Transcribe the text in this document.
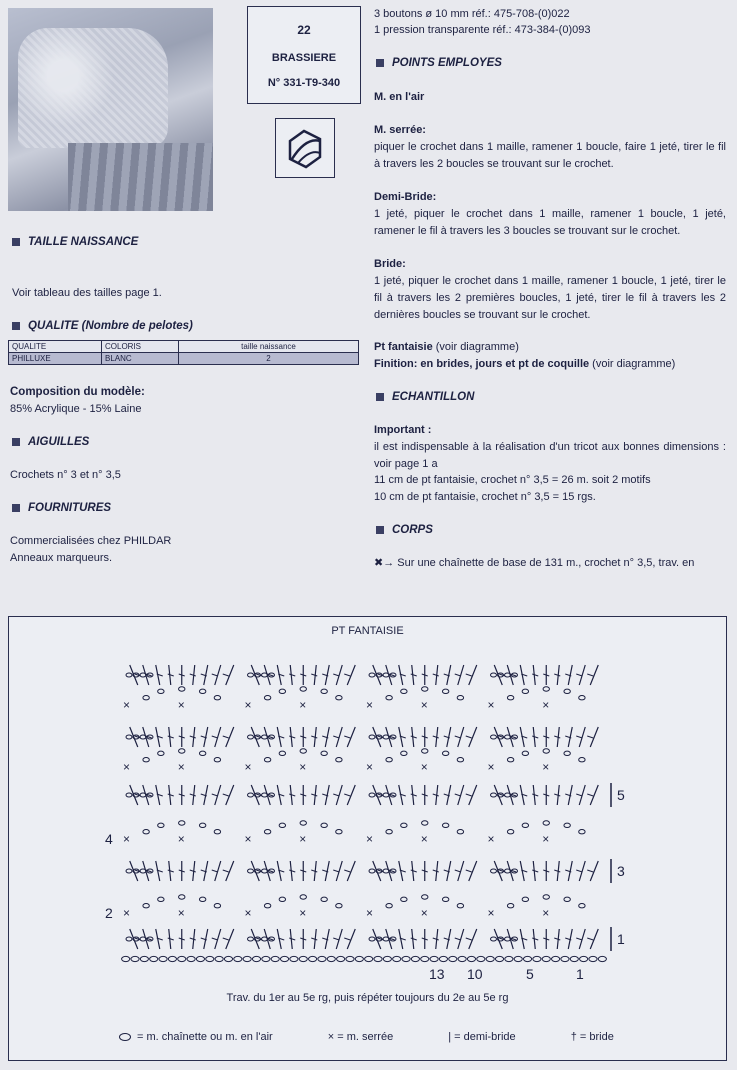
22
BRASSIERE
N° 331-T9-340
TAILLE NAISSANCE
Voir tableau des tailles page 1.
QUALITE (Nombre de pelotes)
QUALITE	COLORIS	taille naissance
PHILLUXE	BLANC	2
Composition du modèle:
85% Acrylique - 15% Laine
AIGUILLES
Crochets n° 3 et n° 3,5
FOURNITURES
Commercialisées chez PHILDAR
Anneaux marqueurs.
3 boutons ø 10 mm réf.: 475-708-(0)022
1 pression transparente réf.: 473-384-(0)093
POINTS EMPLOYES
M. en l'air
M. serrée:
piquer le crochet dans 1 maille, ramener 1 boucle, faire 1 jeté, tirer le fil à travers les 2 boucles se trouvant sur le crochet.
Demi-Bride:
1 jeté, piquer le crochet dans 1 maille, ramener 1 boucle, 1 jeté, ramener le fil à travers les 3 boucles se trouvant sur le crochet.
Bride:
1 jeté, piquer le crochet dans 1 maille, ramener 1 boucle, 1 jeté, tirer le fil à travers les 2 premières boucles, 1 jeté, tirer le fil à travers les 2 dernières boucles se trouvant sur le crochet.
Pt fantaisie (voir diagramme)
Finition: en brides, jours et pt de coquille (voir diagramme)
ECHANTILLON
Important :
il est indispensable à la réalisation d'un tricot aux bonnes dimensions : voir page 1 a
11 cm de pt fantaisie, crochet n° 3,5 = 26 m. soit 2 motifs
10 cm de pt fantaisie, crochet n° 3,5 = 15 rgs.
CORPS
✖→ Sur une chaînette de base de 131 m., crochet n° 3,5, trav. en
PT FANTAISIE
×
×	×
×	×
×	×
×
×
×	×
×	×
×	×
×
×
×	×
×	×
×	×
×
×
×	×
×	×
×	×
×
1
3
5
2
4
13 10	5	1
Trav. du 1er au 5e rg, puis répéter toujours du 2e au 5e rg
= m. chaînette ou m. en l'air	× = m. serrée	| = demi-bride	† = bride
